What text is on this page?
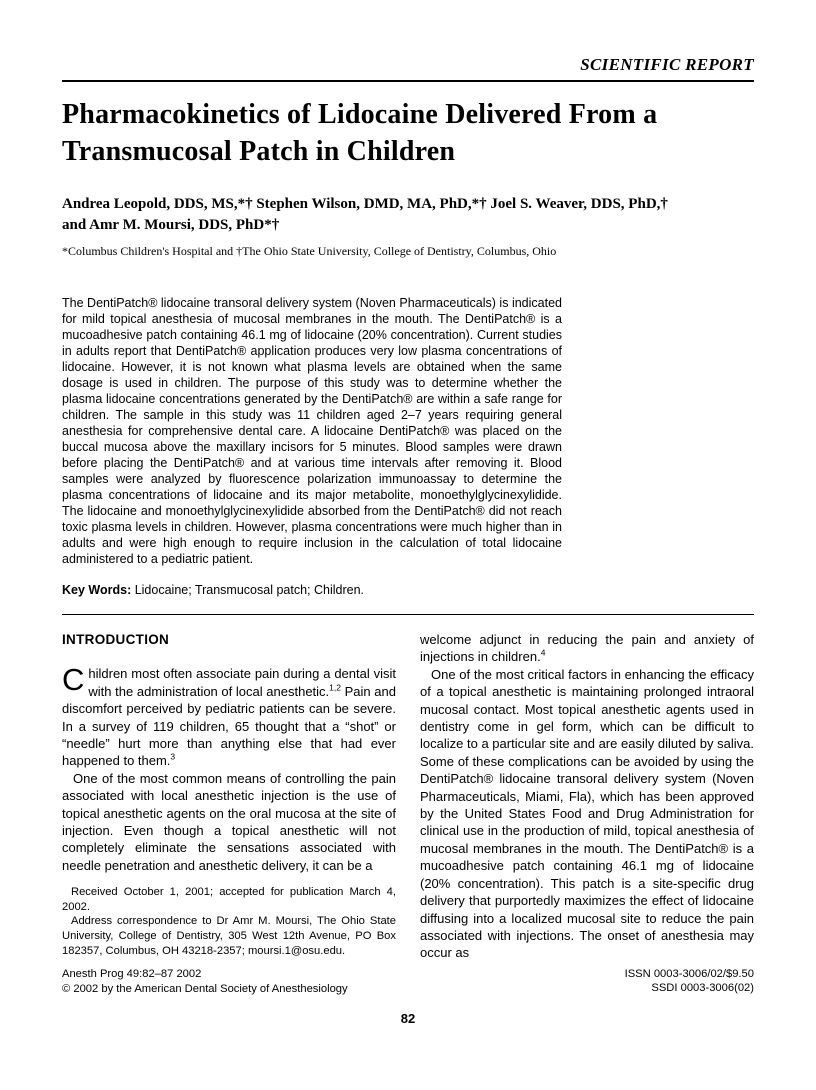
SCIENTIFIC REPORT
Pharmacokinetics of Lidocaine Delivered From a Transmucosal Patch in Children
Andrea Leopold, DDS, MS,*† Stephen Wilson, DMD, MA, PhD,*† Joel S. Weaver, DDS, PhD,†
and Amr M. Moursi, DDS, PhD*†
*Columbus Children's Hospital and †The Ohio State University, College of Dentistry, Columbus, Ohio
The DentiPatch® lidocaine transoral delivery system (Noven Pharmaceuticals) is indicated for mild topical anesthesia of mucosal membranes in the mouth. The DentiPatch® is a mucoadhesive patch containing 46.1 mg of lidocaine (20% concentration). Current studies in adults report that DentiPatch® application produces very low plasma concentrations of lidocaine. However, it is not known what plasma levels are obtained when the same dosage is used in children. The purpose of this study was to determine whether the plasma lidocaine concentrations generated by the DentiPatch® are within a safe range for children. The sample in this study was 11 children aged 2–7 years requiring general anesthesia for comprehensive dental care. A lidocaine DentiPatch® was placed on the buccal mucosa above the maxillary incisors for 5 minutes. Blood samples were drawn before placing the DentiPatch® and at various time intervals after removing it. Blood samples were analyzed by fluorescence polarization immunoassay to determine the plasma concentrations of lidocaine and its major metabolite, monoethylglycinexylidide. The lidocaine and monoethylglycinexylidide absorbed from the DentiPatch® did not reach toxic plasma levels in children. However, plasma concentrations were much higher than in adults and were high enough to require inclusion in the calculation of total lidocaine administered to a pediatric patient.

Key Words: Lidocaine; Transmucosal patch; Children.

INTRODUCTION

Children most often associate pain during a dental visit with the administration of local anesthetic.$^{1,2}$ Pain and discomfort perceived by pediatric patients can be severe. In a survey of 119 children, 65 thought that a “shot” or “needle” hurt more than anything else that had ever happened to them.$^3$

One of the most common means of controlling the pain associated with local anesthetic injection is the use of topical anesthetic agents on the oral mucosa at the site of injection. Even though a topical anesthetic will not completely eliminate the sensations associated with needle penetration and anesthetic delivery, it can be a

Received October 1, 2001; accepted for publication March 4, 2002.

Address correspondence to Dr Amr M. Moursi, The Ohio State University, College of Dentistry, 305 West 12th Avenue, PO Box 182357, Columbus, OH 43218-2357; moursi.1@osu.edu.

Anesth Prog 49:82–87 2002

© 2002 by the American Dental Society of Anesthesiology

welcome adjunct in reducing the pain and anxiety of injections in children.$^4$

One of the most critical factors in enhancing the efficacy of a topical anesthetic is maintaining prolonged intraoral mucosal contact. Most topical anesthetic agents used in dentistry come in gel form, which can be difficult to localize to a particular site and are easily diluted by saliva. Some of these complications can be avoided by using the DentiPatch® lidocaine transoral delivery system (Noven Pharmaceuticals, Miami, Fla), which has been approved by the United States Food and Drug Administration for clinical use in the production of mild, topical anesthesia of mucosal membranes in the mouth. The DentiPatch® is a mucoadhesive patch containing 46.1 mg of lidocaine (20% concentration). This patch is a site-specific drug delivery that purportedly maximizes the effect of lidocaine diffusing into a localized mucosal site to reduce the pain associated with injections. The onset of anesthesia may occur as

ISSN 0003-3006/02/$9.50
SSDI 0003-3006(02)
82
